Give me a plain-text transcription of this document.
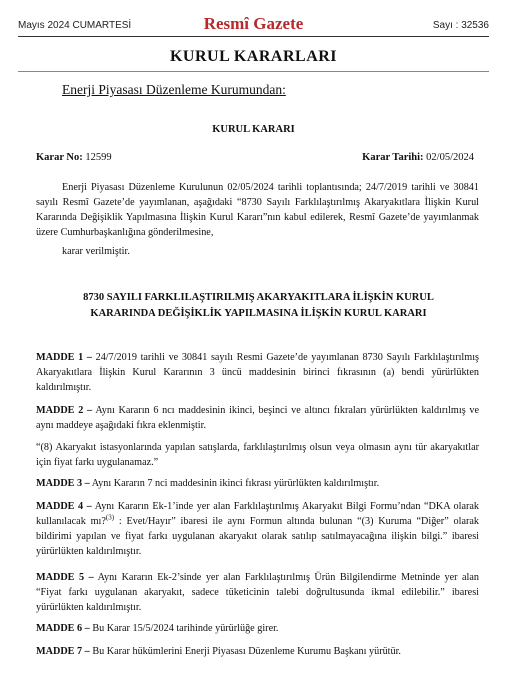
Mayıs 2024 CUMARTESİ	Resmî Gazete	Sayı : 32536
KURUL KARARLARI
Enerji Piyasası Düzenleme Kurumundan:
KURUL KARARI
Karar No: 12599	Karar Tarihi: 02/05/2024
Enerji Piyasası Düzenleme Kurulunun 02/05/2024 tarihli toplantısında; 24/7/2019 tarihli ve 30841 sayılı Resmî Gazete’de yayımlanan, aşağıdaki “8730 Sayılı Farklılaştırılmış Akaryakıtlara İlişkin Kurul Kararında Değişiklik Yapılmasına İlişkin Kurul Kararı”nın kabul edilerek, Resmî Gazete’de yayımlanmak üzere Cumhurbaşkanlığına gönderilmesine,
karar verilmiştir.
8730 SAYILI FARKLILAŞTIRILMIŞ AKARYAKITLARA İLİŞKİN KURUL
KARARINDA DEĞİŞİKLİK YAPILMASINA İLİŞKİN KURUL KARARI
MADDE 1 – 24/7/2019 tarihli ve 30841 sayılı Resmi Gazete’de yayımlanan 8730 Sayılı Farklılaştırılmış Akaryakıtlara İlişkin Kurul Kararının 3 üncü maddesinin birinci fıkrasının (a) bendi yürürlükten kaldırılmıştır.
MADDE 2 – Aynı Kararın 6 ncı maddesinin ikinci, beşinci ve altıncı fıkraları yürürlükten kaldırılmış ve aynı maddeye aşağıdaki fıkra eklenmiştir.
“(8) Akaryakıt istasyonlarında yapılan satışlarda, farklılaştırılmış olsun veya olmasın aynı tür akaryakıtlar için fiyat farkı uygulanamaz.”
MADDE 3 – Aynı Kararın 7 nci maddesinin ikinci fıkrası yürürlükten kaldırılmıştır.
MADDE 4 – Aynı Kararın Ek-1’inde yer alan Farklılaştırılmış Akaryakıt Bilgi Formu’ndan “DKA olarak kullanılacak mı?$^{(3)}$ : Evet/Hayır” ibaresi ile aynı Formun altında bulunan “(3) Kuruma “Diğer” olarak bildirimi yapılan ve fiyat farkı uygulanan akaryakıt olarak satılıp satılmayacağına ilişkin bilgi.” ibaresi yürürlükten kaldırılmıştır.
MADDE 5 – Aynı Kararın Ek-2’sinde yer alan Farklılaştırılmış Ürün Bilgilendirme Metninde yer alan “Fiyat farkı uygulanan akaryakıt, sadece tüketicinin talebi doğrultusunda ikmal edilebilir.” ibaresi yürürlükten kaldırılmıştır.
MADDE 6 – Bu Karar 15/5/2024 tarihinde yürürlüğe girer.
MADDE 7 – Bu Karar hükümlerini Enerji Piyasası Düzenleme Kurumu Başkanı yürütür.
